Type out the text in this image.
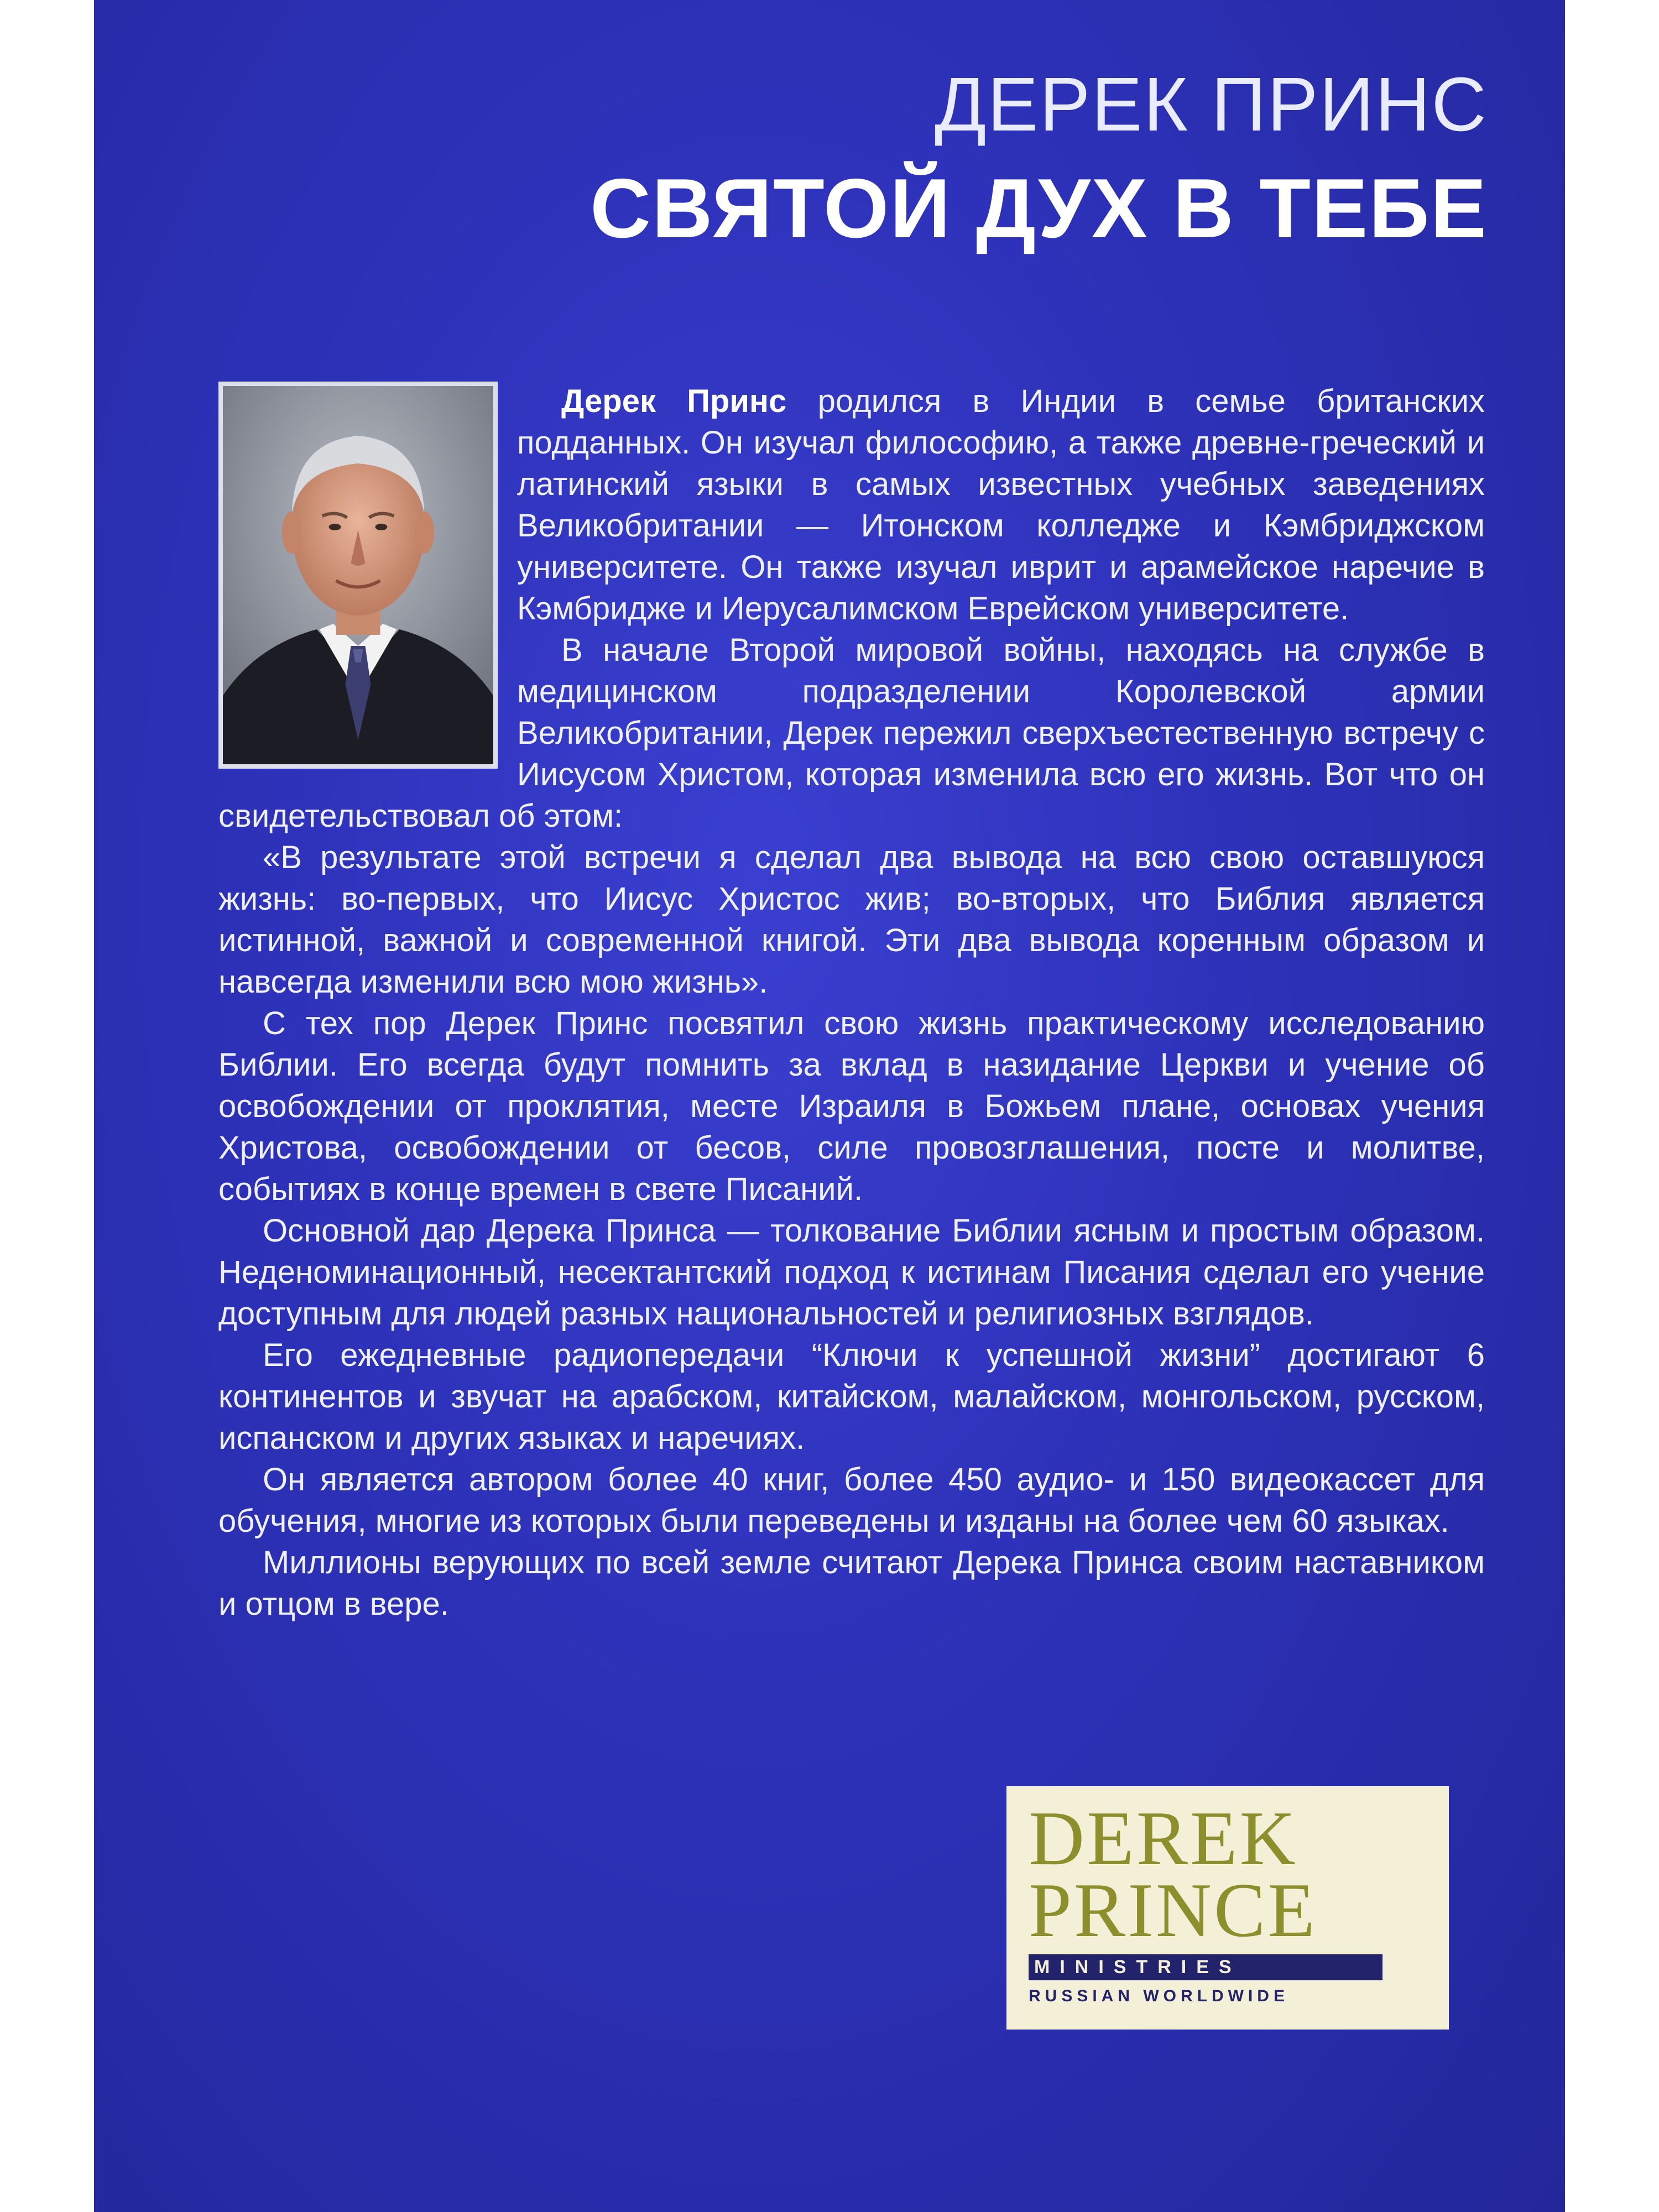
ДЕРЕК ПРИНС
СВЯТОЙ ДУХ В ТЕБЕ

Дерек Принс родился в Индии в семье британских подданных. Он изучал философию, а также древне-греческий и латинский языки в самых известных учебных заведениях Великобритании — Итонском колледже и Кэмбриджском университете. Он также изучал иврит и арамейское наречие в Кэмбридже и Иерусалимском Еврейском университете.

В начале Второй мировой войны, находясь на службе в медицинском подразделении Королевской армии Великобритании, Дерек пережил сверхъестественную встречу с Иисусом Христом, которая изменила всю его жизнь. Вот что он свидетельствовал об этом:

«В результате этой встречи я сделал два вывода на всю свою оставшуюся жизнь: во-первых, что Иисус Христос жив; во-вторых, что Библия является истинной, важной и современной книгой. Эти два вывода коренным образом и навсегда изменили всю мою жизнь».

С тех пор Дерек Принс посвятил свою жизнь практическому исследованию Библии. Его всегда будут помнить за вклад в назидание Церкви и учение об освобождении от проклятия, месте Израиля в Божьем плане, основах учения Христова, освобождении от бесов, силе провозглашения, посте и молитве, событиях в конце времен в свете Писаний.

Основной дар Дерека Принса — толкование Библии ясным и простым образом. Неденоминационный, несектантский подход к истинам Писания сделал его учение доступным для людей разных национальностей и религиозных взглядов.

Его ежедневные радиопередачи “Ключи к успешной жизни” достигают 6 континентов и звучат на арабском, китайском, малайском, монгольском, русском, испанском и других языках и наречиях.

Он является автором более 40 книг, более 450 аудио- и 150 видеокассет для обучения, многие из которых были переведены и изданы на более чем 60 языках.

Миллионы верующих по всей земле считают Дерека Принса своим наставником и отцом в вере.

DEREK
PRINCE
MINISTRIES
RUSSIAN WORLDWIDE
